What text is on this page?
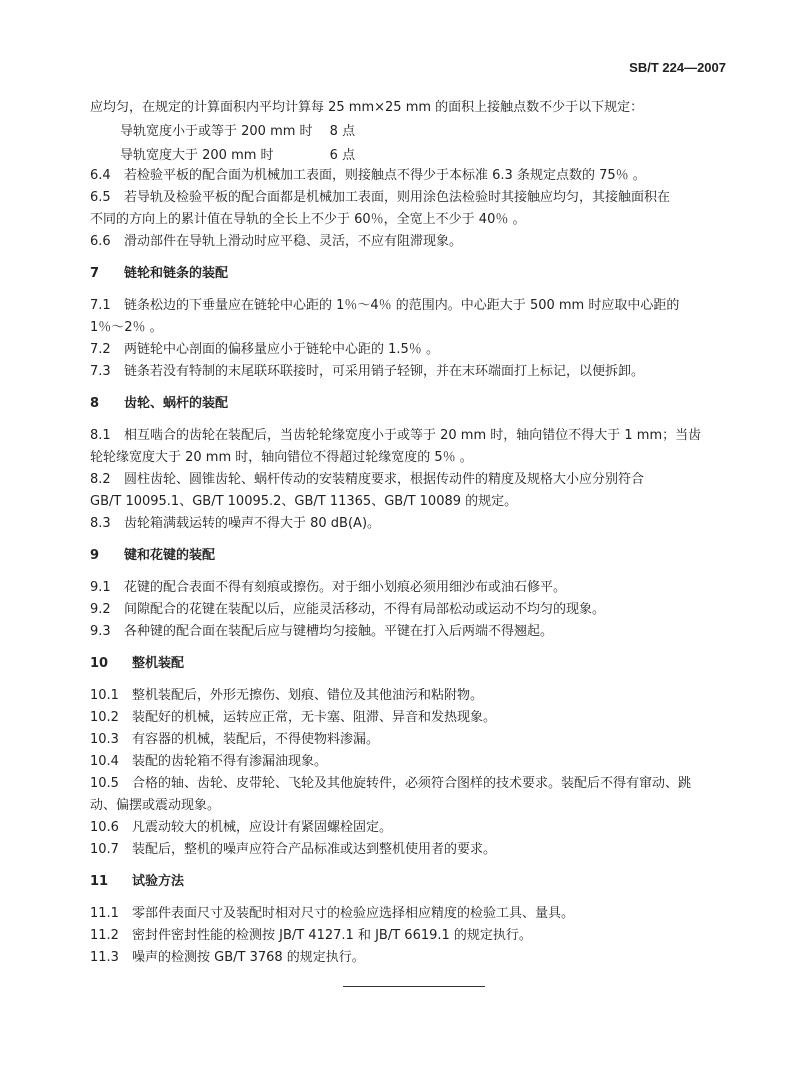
SB/T 224—2007
应均匀，在规定的计算面积内平均计算每 25 mm×25 mm 的面积上接触点数不少于以下规定：
导轨宽度小于或等于 200 mm 时　 8 点
导轨宽度大于 200 mm 时　　　　 6 点
6.4 若检验平板的配合面为机械加工表面，则接触点不得少于本标准 6.3 条规定点数的 75％ 。
6.5 若导轨及检验平板的配合面都是机械加工表面，则用涂色法检验时其接触应均匀，其接触面积在
不同的方向上的累计值在导轨的全长上不少于 60％，全宽上不少于 40％ 。
6.6 滑动部件在导轨上滑动时应平稳、灵活，不应有阻滞现象。
7 链轮和链条的装配
7.1 链条松边的下垂量应在链轮中心距的 1％～4％ 的范围内。中心距大于 500 mm 时应取中心距的
1％～2％ 。
7.2 两链轮中心剖面的偏移量应小于链轮中心距的 1.5％ 。
7.3 链条若没有特制的末尾联环联接时，可采用销子轻铆，并在末环端面打上标记，以便拆卸。
8 齿轮、蜗杆的装配
8.1 相互啮合的齿轮在装配后，当齿轮轮缘宽度小于或等于 20 mm 时，轴向错位不得大于 1 mm；当齿
轮轮缘宽度大于 20 mm 时，轴向错位不得超过轮缘宽度的 5％ 。
8.2 圆柱齿轮、圆锥齿轮、蜗杆传动的安装精度要求，根据传动件的精度及规格大小应分别符合
GB/T 10095.1、GB/T 10095.2、GB/T 11365、GB/T 10089 的规定。
8.3 齿轮箱满载运转的噪声不得大于 80 dB(A)。
9 键和花键的装配
9.1 花键的配合表面不得有刻痕或擦伤。对于细小划痕必须用细沙布或油石修平。
9.2 间隙配合的花键在装配以后，应能灵活移动，不得有局部松动或运动不均匀的现象。
9.3 各种键的配合面在装配后应与键槽均匀接触。平键在打入后两端不得翘起。
10 整机装配
10.1 整机装配后，外形无擦伤、划痕、错位及其他油污和粘附物。
10.2 装配好的机械，运转应正常，无卡塞、阻滞、异音和发热现象。
10.3 有容器的机械，装配后，不得使物料渗漏。
10.4 装配的齿轮箱不得有渗漏油现象。
10.5 合格的轴、齿轮、皮带轮、飞轮及其他旋转件，必须符合图样的技术要求。装配后不得有窜动、跳
动、偏摆或震动现象。
10.6 凡震动较大的机械，应设计有紧固螺栓固定。
10.7 装配后，整机的噪声应符合产品标准或达到整机使用者的要求。
11 试验方法
11.1 零部件表面尺寸及装配时相对尺寸的检验应选择相应精度的检验工具、量具。
11.2 密封件密封性能的检测按 JB/T 4127.1 和 JB/T 6619.1 的规定执行。
11.3 噪声的检测按 GB/T 3768 的规定执行。
